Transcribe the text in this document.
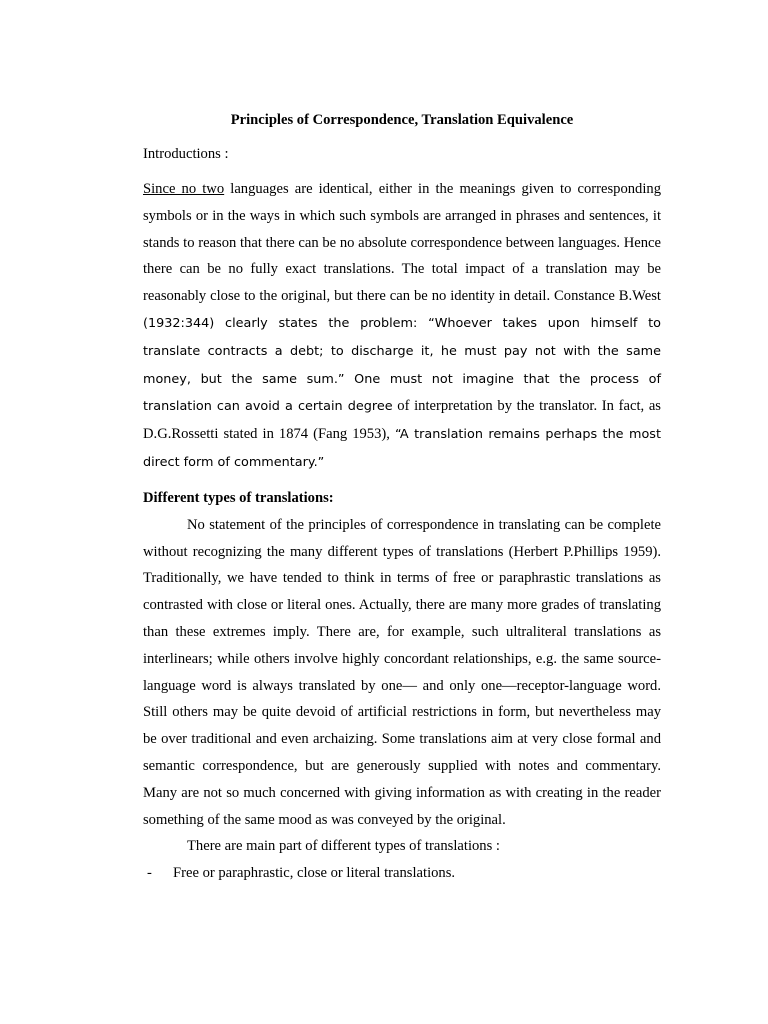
Principles of Correspondence, Translation Equivalence
Introductions :

Since no two languages are identical, either in the meanings given to corresponding symbols or in the ways in which such symbols are arranged in phrases and sentences, it stands to reason that there can be no absolute correspondence between languages. Hence there can be no fully exact translations. The total impact of a translation may be reasonably close to the original, but there can be no identity in detail. Constance B.West (1932:344) clearly states the problem: “Whoever takes upon himself to translate contracts a debt; to discharge it, he must pay not with the same money, but the same sum.” One must not imagine that the process of translation can avoid a certain degree of interpretation by the translator. In fact, as D.G.Rossetti stated in 1874 (Fang 1953), “A translation remains perhaps the most direct form of commentary.”

Different types of translations:

No statement of the principles of correspondence in translating can be complete without recognizing the many different types of translations (Herbert P.Phillips 1959). Traditionally, we have tended to think in terms of free or paraphrastic translations as contrasted with close or literal ones. Actually, there are many more grades of translating than these extremes imply. There are, for example, such ultraliteral translations as interlinears; while others involve highly concordant relationships, e.g. the same source-language word is always translated by one— and only one—receptor-language word. Still others may be quite devoid of artificial restrictions in form, but nevertheless may be over traditional and even archaizing. Some translations aim at very close formal and semantic correspondence, but are generously supplied with notes and commentary. Many are not so much concerned with giving information as with creating in the reader something of the same mood as was conveyed by the original.

There are main part of different types of translations :

-	Free or paraphrastic, close or literal translations.
